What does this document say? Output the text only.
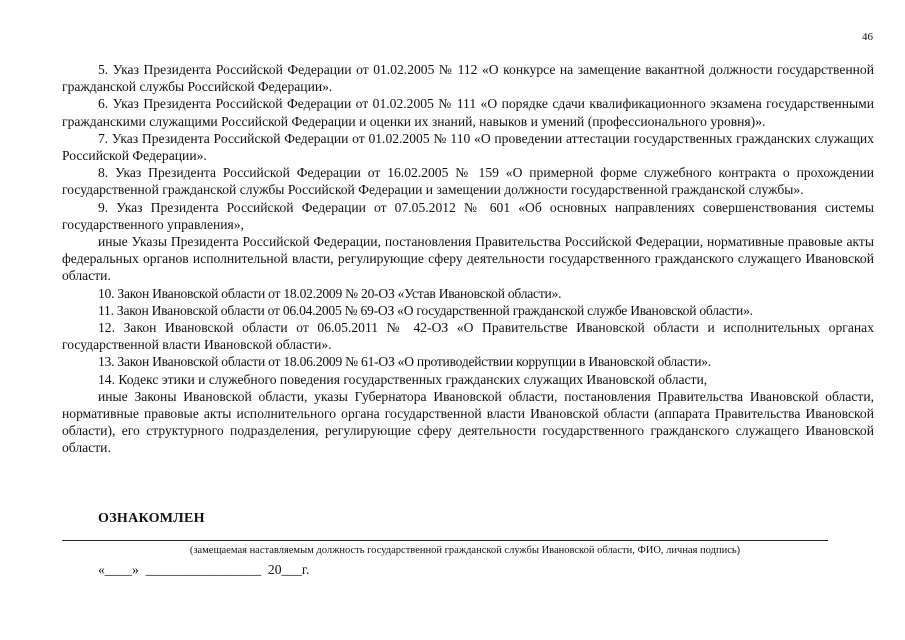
46

5. Указ Президента Российской Федерации от 01.02.2005 № 112 «О конкурсе на замещение вакантной должности государственной гражданской службы Российской Федерации».

6. Указ Президента Российской Федерации от 01.02.2005 № 111 «О порядке сдачи квалификационного экзамена государственными гражданскими служащими Российской Федерации и оценки их знаний, навыков и умений (профессионального уровня)».

7. Указ Президента Российской Федерации от 01.02.2005 № 110 «О проведении аттестации государственных гражданских служащих Российской Федерации».

8. Указ Президента Российской Федерации от 16.02.2005 № 159 «О примерной форме служебного контракта о прохождении государственной гражданской службы Российской Федерации и замещении должности государственной гражданской службы».

9. Указ Президента Российской Федерации от 07.05.2012 № 601 «Об основных направлениях совершенствования системы государственного управления»,

иные Указы Президента Российской Федерации, постановления Правительства Российской Федерации, нормативные правовые акты федеральных органов исполнительной власти, регулирующие сферу деятельности государственного гражданского служащего Ивановской области.

10. Закон Ивановской области от 18.02.2009 № 20-ОЗ «Устав Ивановской области».

11. Закон Ивановской области от 06.04.2005 № 69-ОЗ «О государственной гражданской службе Ивановской области».

12. Закон Ивановской области от 06.05.2011 № 42-ОЗ «О Правительстве Ивановской области и исполнительных органах государственной власти Ивановской области».

13. Закон Ивановской области от 18.06.2009 № 61-ОЗ «О противодействии коррупции в Ивановской области».

14. Кодекс этики и служебного поведения государственных гражданских служащих Ивановской области,

иные Законы Ивановской области, указы Губернатора Ивановской области, постановления Правительства Ивановской области, нормативные правовые акты исполнительного органа государственной власти Ивановской области (аппарата Правительства Ивановской области), его структурного подразделения, регулирующие сферу деятельности государственного гражданского служащего Ивановской области.

ОЗНАКОМЛЕН
(замещаемая наставляемым должность государственной гражданской службы Ивановской области, ФИО, личная подпись)
«____»  _________________  20___г.
